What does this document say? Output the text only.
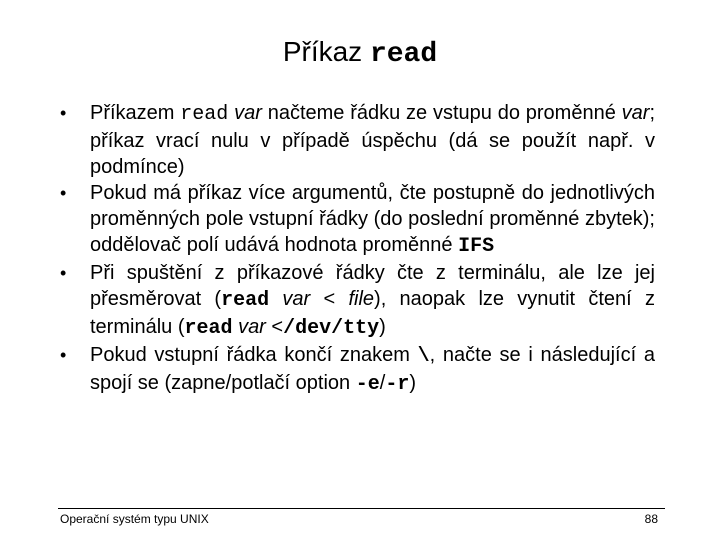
Příkaz read
•	Příkazem read var načteme řádku ze vstupu do proměnné var; příkaz vrací nulu v případě úspěchu (dá se použít např. v podmínce)
•	Pokud má příkaz více argumentů, čte postupně do jednotlivých proměnných pole vstupní řádky (do poslední proměnné zbytek); oddělovač polí udává hodnota proměnné IFS
•	Při spuštění z příkazové řádky čte z terminálu, ale lze jej přesměrovat (read var < file), naopak lze vynutit čtení z terminálu (read var </dev/tty)
•	Pokud vstupní řádka končí znakem \, načte se i následující a spojí se (zapne/potlačí option -e/-r)
Operační systém typu UNIX	88
